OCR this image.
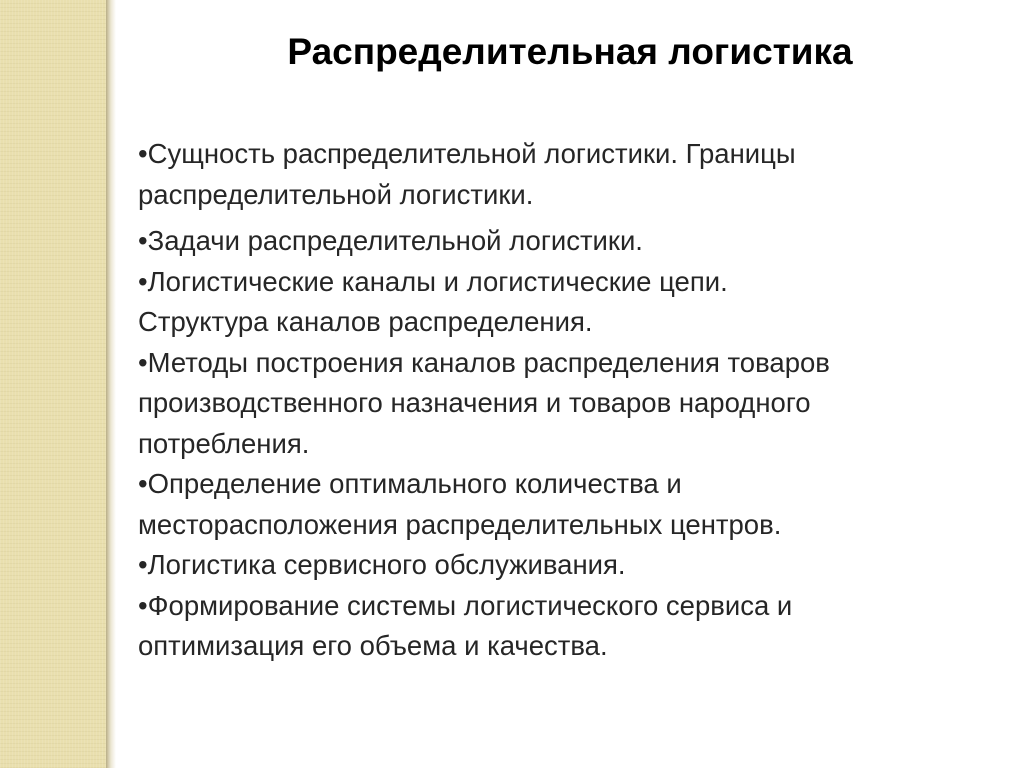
Распределительная логистика
•Сущность распределительной логистики. Границы
распределительной логистики.
•Задачи распределительной логистики.
•Логистические каналы и логистические цепи.
Структура каналов распределения.
•Методы построения каналов распределения товаров
производственного назначения и товаров народного
потребления.
•Определение оптимального количества и
месторасположения распределительных центров.
•Логистика сервисного обслуживания.
•Формирование системы логистического сервиса и
оптимизация его объема и качества.
